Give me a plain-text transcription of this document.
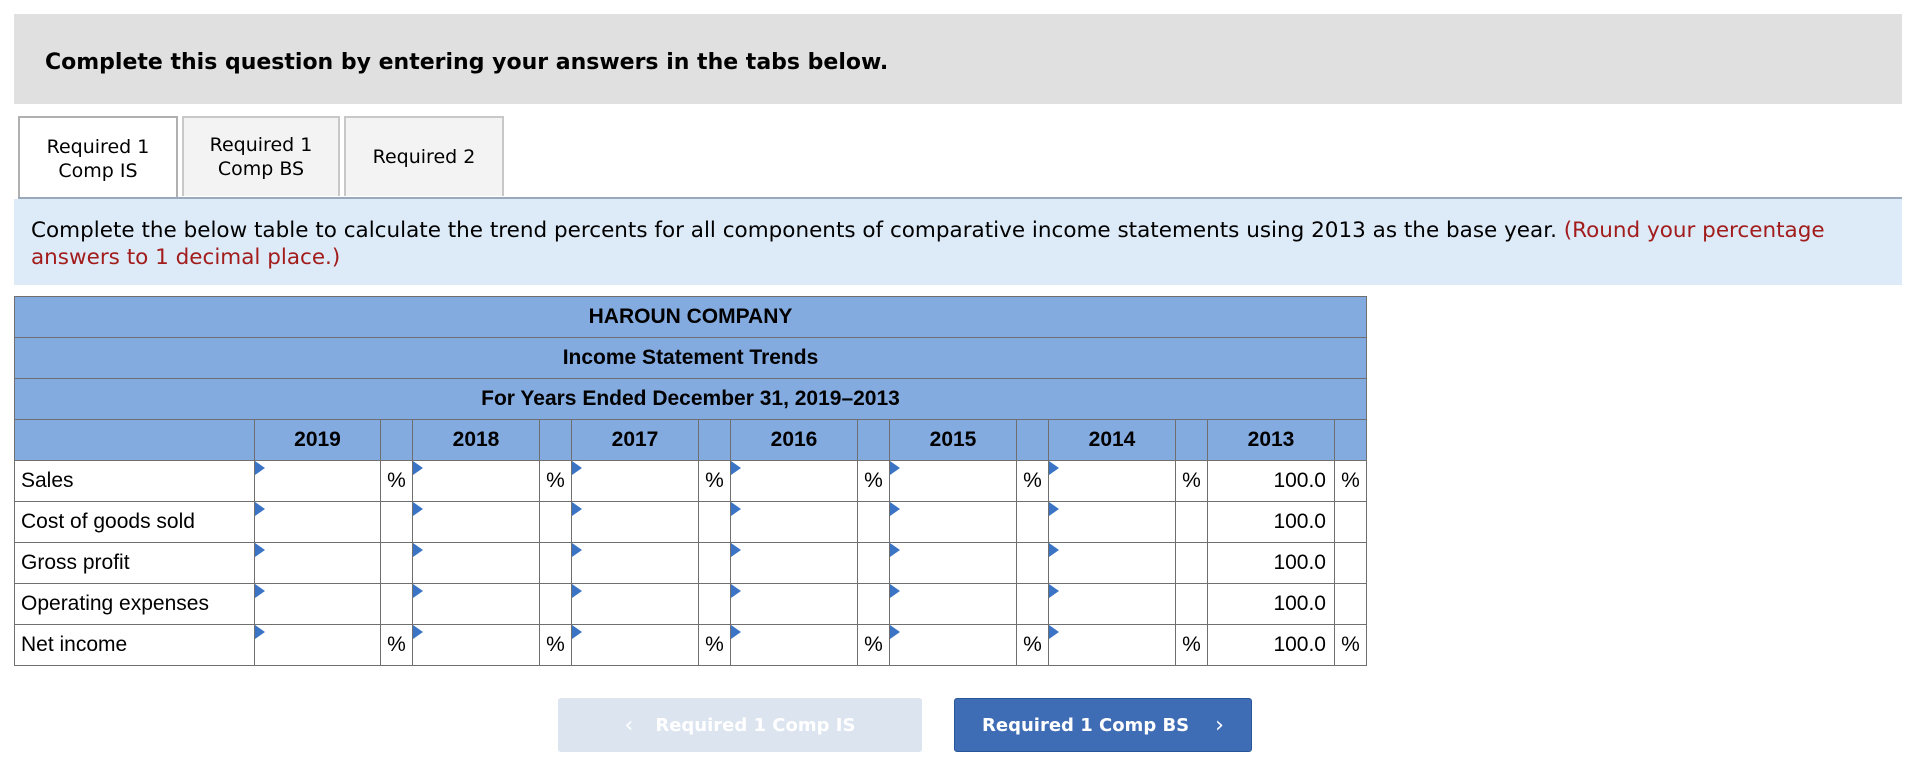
Complete this question by entering your answers in the tabs below.
Required 1
Comp IS
Required 1
Comp BS
Required 2
Complete the below table to calculate the trend percents for all components of comparative income statements using 2013 as the base year. (Round your percentage answers to 1 decimal place.)
HAROUN COMPANY														
Income Statement Trends														
For Years Ended December 31, 2019–2013														
	2019		2018		2017		2016		2015		2014		2013	
Sales		%		%		%		%		%		%	100.0	%
Cost of goods sold													100.0	
Gross profit													100.0	
Operating expenses													100.0	
Net income		%		%		%		%		%		%	100.0	%
‹ Required 1 Comp IS	Required 1 Comp BS ›
